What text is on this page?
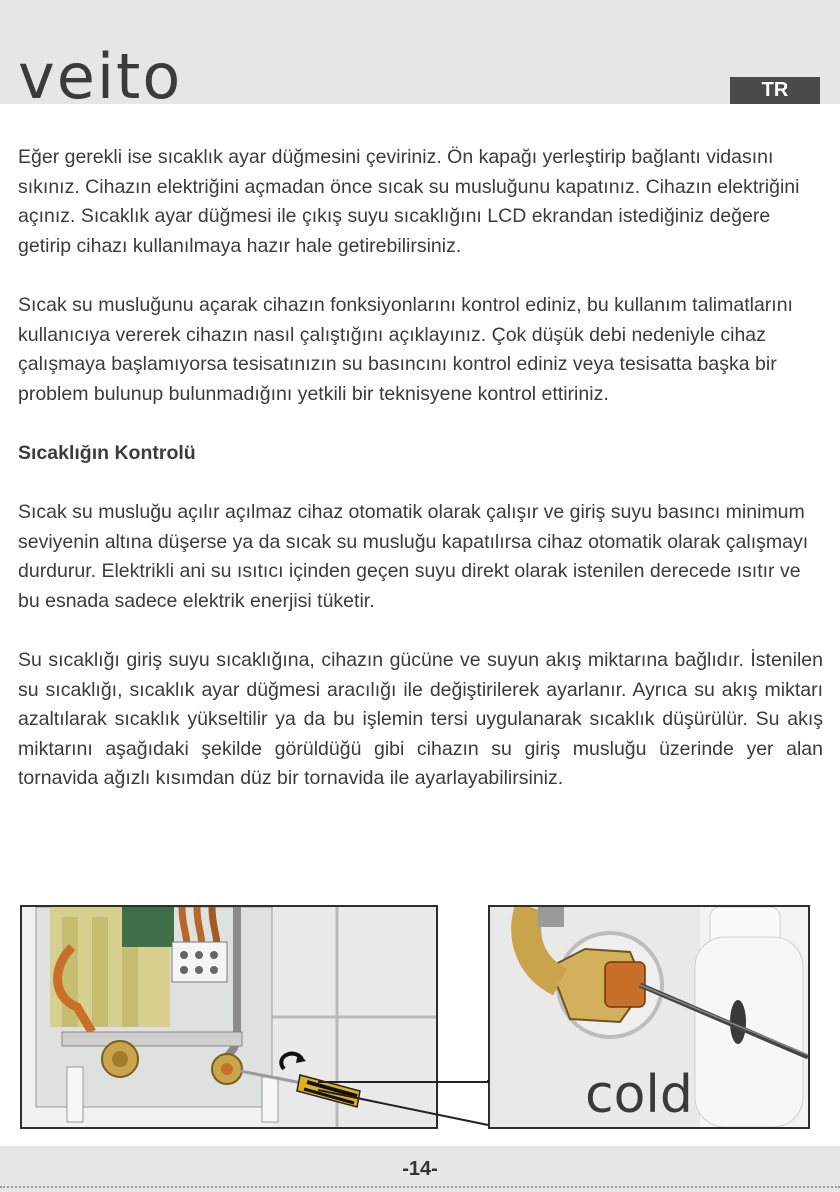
veito	TR

Eğer gerekli ise sıcaklık ayar düğmesini çeviriniz. Ön kapağı yerleştirip bağlantı vidasını sıkınız. Cihazın elektriğini açmadan önce sıcak su musluğunu kapatınız. Cihazın elektriğini açınız. Sıcaklık ayar düğmesi ile çıkış suyu sıcaklığını LCD ekrandan istediğiniz değere getirip cihazı kullanılmaya hazır hale getirebilirsiniz.

Sıcak su musluğunu açarak cihazın fonksiyonlarını kontrol ediniz, bu kullanım talimatlarını kullanıcıya vererek cihazın nasıl çalıştığını açıklayınız. Çok düşük debi nedeniyle cihaz çalışmaya başlamıyorsa tesisatınızın su basıncını kontrol ediniz veya tesisatta başka bir problem bulunup bulunmadığını yetkili bir teknisyene kontrol ettiriniz.

Sıcaklığın Kontrolü

Sıcak su musluğu açılır açılmaz cihaz otomatik olarak çalışır ve giriş suyu basıncı minimum seviyenin altına düşerse ya da sıcak su musluğu kapatılırsa cihaz otomatik olarak çalışmayı durdurur. Elektrikli ani su ısıtıcı içinden geçen suyu direkt olarak istenilen derecede ısıtır ve bu esnada sadece elektrik enerjisi tüketir.

Su sıcaklığı giriş suyu sıcaklığına, cihazın gücüne ve suyun akış miktarına bağlıdır. İstenilen su sıcaklığı, sıcaklık ayar düğmesi aracılığı ile değiştirilerek ayarlanır. Ayrıca su akış miktarı azaltılarak sıcaklık yükseltilir ya da bu işlemin tersi uygulanarak sıcaklık düşürülür. Su akış miktarını aşağıdaki şekilde görüldüğü gibi cihazın su giriş musluğu üzerinde yer alan tornavida ağızlı kısımdan düz bir tornavida ile ayarlayabilirsiniz.

cold
-14-
